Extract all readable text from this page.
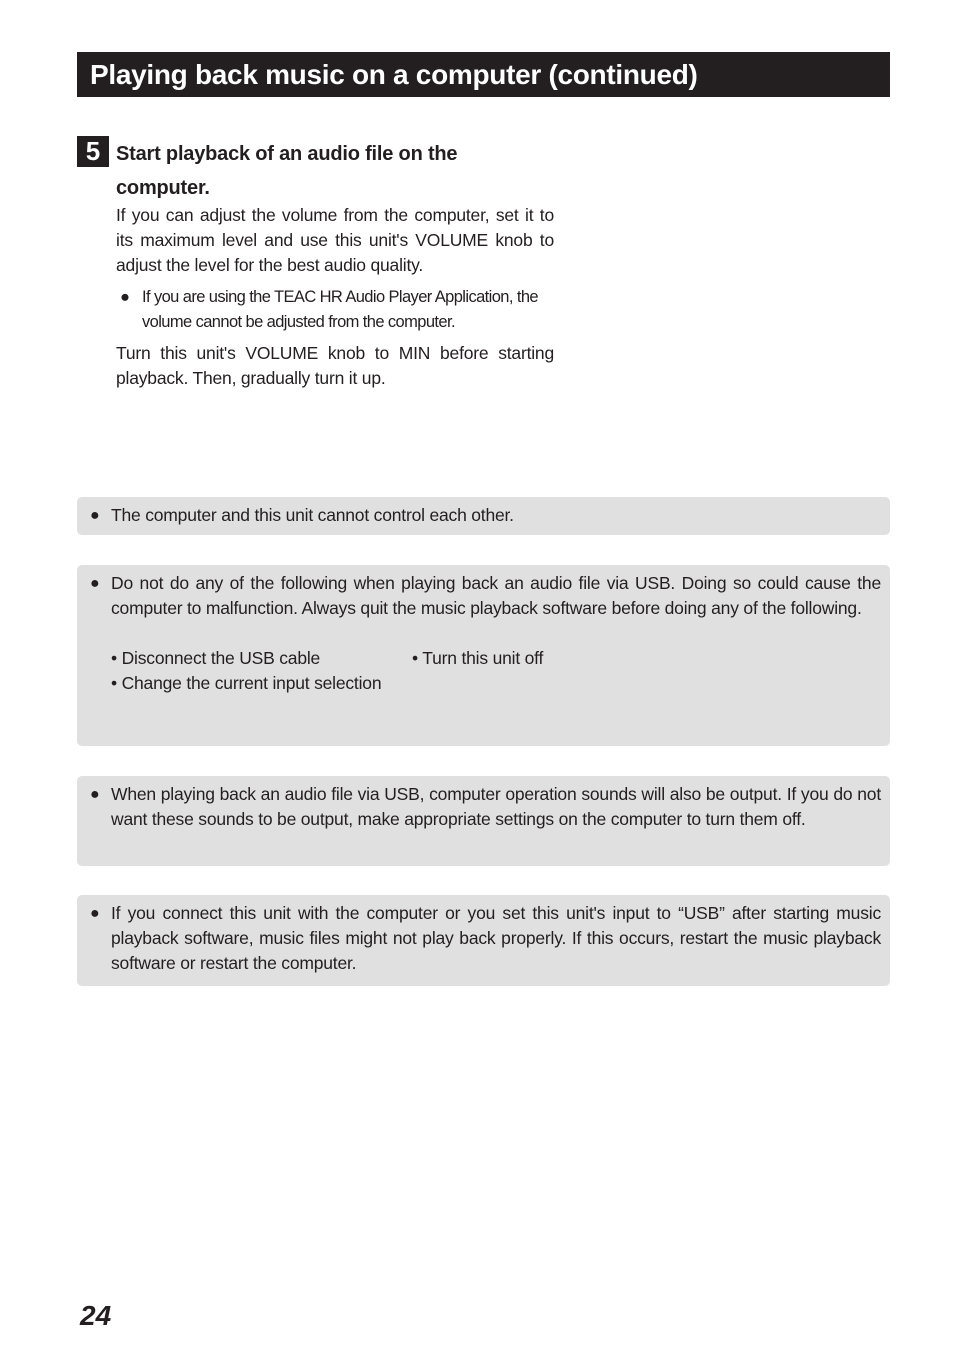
Playing back music on a computer (continued)
5 Start playback of an audio file on the computer.

If you can adjust the volume from the computer, set it to its maximum level and use this unit's VOLUME knob to adjust the level for the best audio quality.

● If you are using the TEAC HR Audio Player Application, the volume cannot be adjusted from the computer.

Turn this unit's VOLUME knob to MIN before starting playback. Then, gradually turn it up.

● The computer and this unit cannot control each other.

● Do not do any of the following when playing back an audio file via USB. Doing so could cause the computer to malfunction. Always quit the music playback software before doing any of the following.

• Disconnect the USB cable	• Turn this unit off
• Change the current input selection
● When playing back an audio file via USB, computer operation sounds will also be output. If you do not want these sounds to be output, make appropriate settings on the computer to turn them off.

● If you connect this unit with the computer or you set this unit's input to “USB” after starting music playback software, music files might not play back properly. If this occurs, restart the music playback software or restart the computer.

24
